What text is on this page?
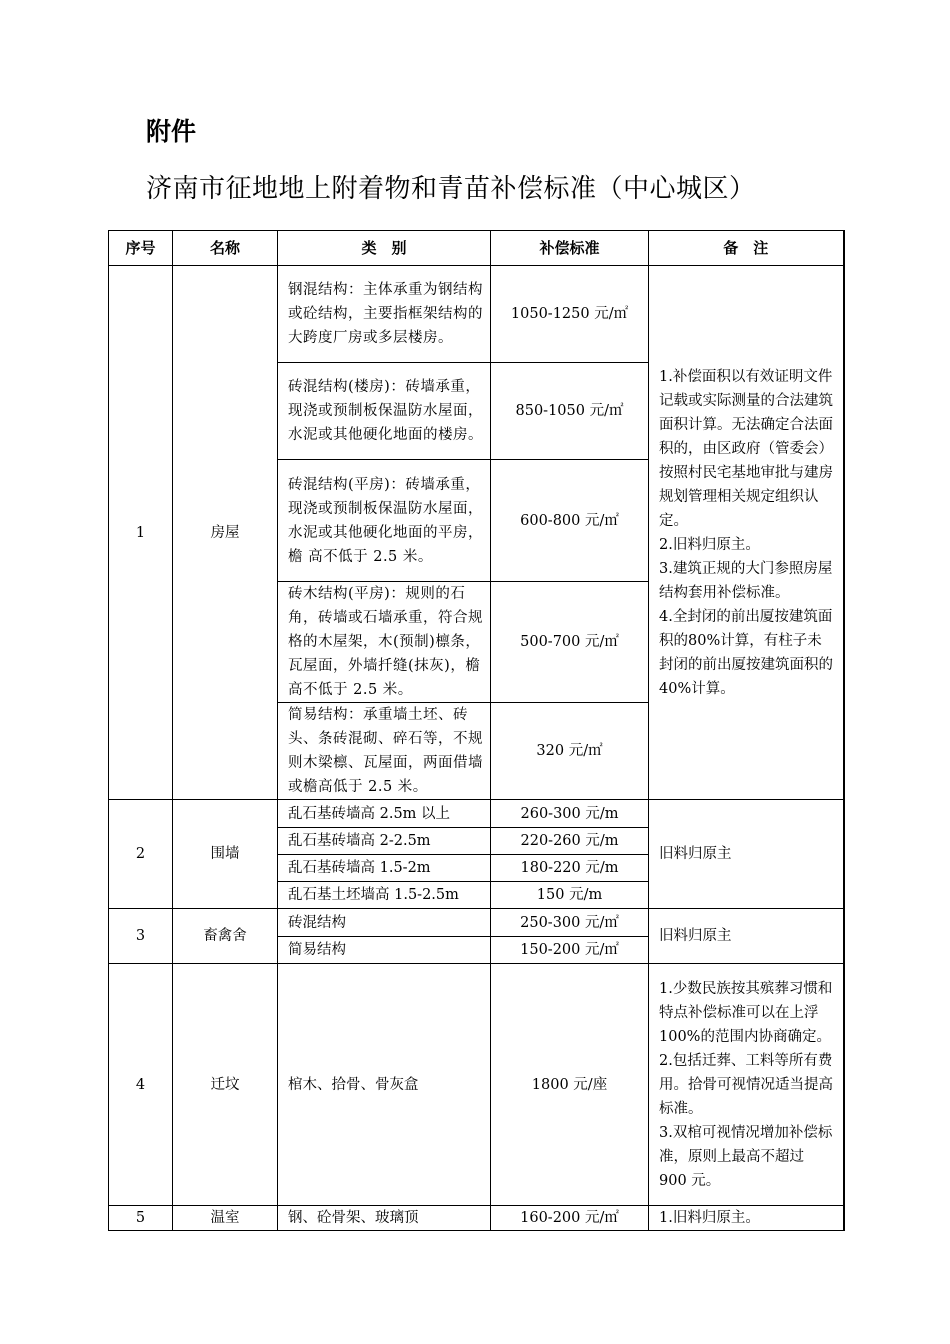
附件
济南市征地地上附着物和青苗补偿标准（中心城区）
序号	名称	类　别	补偿标准	备　注
1	房屋	钢混结构：主体承重为钢结构或砼结构，主要指框架结构的大跨度厂房或多层楼房。	1050-1250 元/㎡	1.补偿面积以有效证明文件记载或实际测量的合法建筑面积计算。无法确定合法面积的，由区政府（管委会）按照村民宅基地审批与建房规划管理相关规定组织认定。
2.旧料归原主。
3.建筑正规的大门参照房屋结构套用补偿标准。
4.全封闭的前出厦按建筑面积的80%计算，有柱子未封闭的前出厦按建筑面积的40%计算。
		砖混结构(楼房)：砖墙承重，现浇或预制板保温防水屋面，水泥或其他硬化地面的楼房。	850-1050 元/㎡	
		砖混结构(平房)：砖墙承重，现浇或预制板保温防水屋面，水泥或其他硬化地面的平房， 檐 高不低于 2.5 米。	600-800 元/㎡	
		砖木结构(平房)：规则的石角，砖墙或石墙承重，符合规格的木屋架，木(预制)檩条，瓦屋面，外墙扦缝(抹灰)，檐高不低于 2.5 米。	500-700 元/㎡	
		简易结构：承重墙土坯、砖头、条砖混砌、碎石等，不规则木梁檩、瓦屋面，两面借墙或檐高低于 2.5 米。	320 元/㎡	
2	围墙	乱石基砖墙高 2.5m 以上	260-300 元/m	旧料归原主
		乱石基砖墙高 2-2.5m	220-260 元/m	
		乱石基砖墙高 1.5-2m	180-220 元/m	
		乱石基土坯墙高 1.5-2.5m	150 元/m	
3	畜禽舍	砖混结构	250-300 元/㎡	旧料归原主
		简易结构	150-200 元/㎡	
4	迁坟	棺木、拾骨、骨灰盒	1800 元/座	1.少数民族按其殡葬习惯和特点补偿标准可以在上浮 100%的范围内协商确定。
2.包括迁葬、工料等所有费用。拾骨可视情况适当提高标准。
3.双棺可视情况增加补偿标准，原则上最高不超过 900 元。
5	温室	钢、砼骨架、玻璃顶	160-200 元/㎡	1.旧料归原主。
